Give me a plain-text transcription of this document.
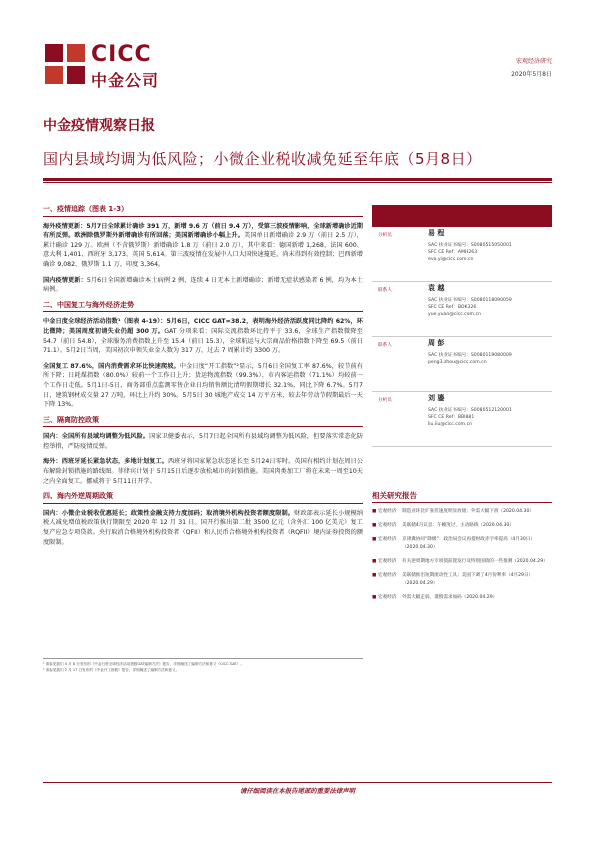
CICC
中金公司
宏观经济研究
2020年5月8日
中金疫情观察日报
国内县域均调为低风险；小微企业税收减免延至年底（5月8日）
一、疫情追踪（图表 1-3）

海外疫情更新：5月7日全球累计确诊 391 万，新增 9.6 万（前日 9.4 万），受第三波疫情影响，全球新增确诊近期有所反弹。欧洲除俄罗斯外新增确诊有所回落；美国新增确诊小幅上升。美国单日新增确诊 2.9 万（前日 2.5 万），累计确诊 129 万。欧洲（不含俄罗斯）新增确诊 1.8 万（前日 2.0 万），其中来看：德国新增 1,268、法国 600、意大利 1,401、西班牙 3,173、英国 5,614。第三波疫情在发展中人口大国快速蔓延，尚未得到有效控制；巴西新增确诊 9,082、俄罗斯 1.1 万、印度 3,364。

国内疫情更新：5月6日全国新增确诊本土病例 2 例，连续 4 日无本土新增确诊；新增无症状感染者 6 例，均为本土病例。

二、中国复工与海外经济走势

中金日度全球经济活动指数¹（图表 4-19）：5月6日，CICC GAT=38.2，表明海外经济活跃度同比降约 62%，环比微降；美国周度初请失业仍超 300 万。GAT 分项来看：国际交流指数环比持平于 33.6，全球生产指数微降至 54.7（前日 54.8），全球服务消费指数上升至 15.4（前日 15.3），全球航运与大宗商品价格指数下降至 69.5（前日 71.1）。5月2日当周，美国初次申领失业金人数为 317 万，过去 7 周累计约 3300 万。

全国复工 87.6%，国内消费需求环比快速爬坡。中金日度“开工指数”²显示，5月6日全国复工率 87.6%，较节前有所下降；日耗煤指数（80.0%）较前一个工作日上升；货运物流指数（99.3%）、市内客运指数（71.1%）均较前一个工作日走低。5月1日-5日，商务部重点监测零售企业日均销售额比清明假期增长 32.1%，同比下降 6.7%。5月7日，建筑钢材成交量 27 万吨，环比上升约 30%。5月5日 30 城地产成交 14 万平方米，较去年劳动节假期最后一天下降 13%。

三、隔离防控政策

国内：全国所有县域均调整为低风险。国家卫健委表示，5月7日起全国所有县域均调整为低风险，但要落实常态化防控举措，严防疫情反弹。

海外：西班牙延长紧急状态，多地计划复工。西班牙将国家紧急状态延长至 5月24日零时。英国有相约计划在周日公布解除封锁措施的路线图。菲律宾计划于 5月15日后逐步放松城市的封锁措施。美国肉类加工厂将在未来一周至10天之内全面复工。挪威将于 5月11日开学。

四、海内外逆周期政策

国内：小微企业税收优惠延长；政策性金融支持力度加码；取消境外机构投资者额度限制。财政部表示延长小规模纳税人减免增值税政策执行期限至 2020 年 12 月 31 日。国开行推出第二批 3500 亿元（含外汇 100 亿美元）复工复产应急专项贷款。央行取消合格境外机构投资者（QFII）和人民币合格境外机构投资者（RQFII）境内证券投资的额度限制。

¹ 请参见我们 4 月 8 日发布的《中金日度全球经济活动指数GAT编制方法》报告，详细阐述了编制方法和意义（CICC GAT）。
² 请参见我们 2 月 17 日发布的《中金开工指数》报告，详细阐述了编制方法和意义。
分析员	易 程
SAC 执业证书编号：S0080515050001
SFC CE Ref：AMH263
eva.yi@cicc.com.cn
联系人	袁 越
SAC 执业证书编号：S0080118090059
SFC CE Ref：BOK326
yue.yuan@cicc.com.cn
联系人	周 彭
SAC 执业证书编号：S0080119080009
peng3.zhou@cicc.com.cn
分析员	刘 鎏
SAC 执业证书编号：S0080512120001
SFC CE Ref：BBI881
liu.liu@cicc.com.cn
相关研究报告
■ 宏观经济	制造业环比扩张但速度明显放缓；外需大幅下滑（2020.04.30）
■ 宏观经济	美联储4月议息：午睡度过，主动路线（2020.04.30）
■ 宏观经济	京津冀协同“降级”：政治局会议再提财政赤字率提高（4月30日）（2020.04.30）
■ 宏观经济	有关逆周期地方专项债前置发行及特别国债的一些推测（2020.04.29）
■ 宏观经济	美联储推出短期流动性工具；美国下调了4月份利率（4月29日）（2020.04.29）
■ 宏观经济	外需大幅走弱，谨慎需求加码（2020.04.29）
请仔细阅读在本报告尾部的重要法律声明
